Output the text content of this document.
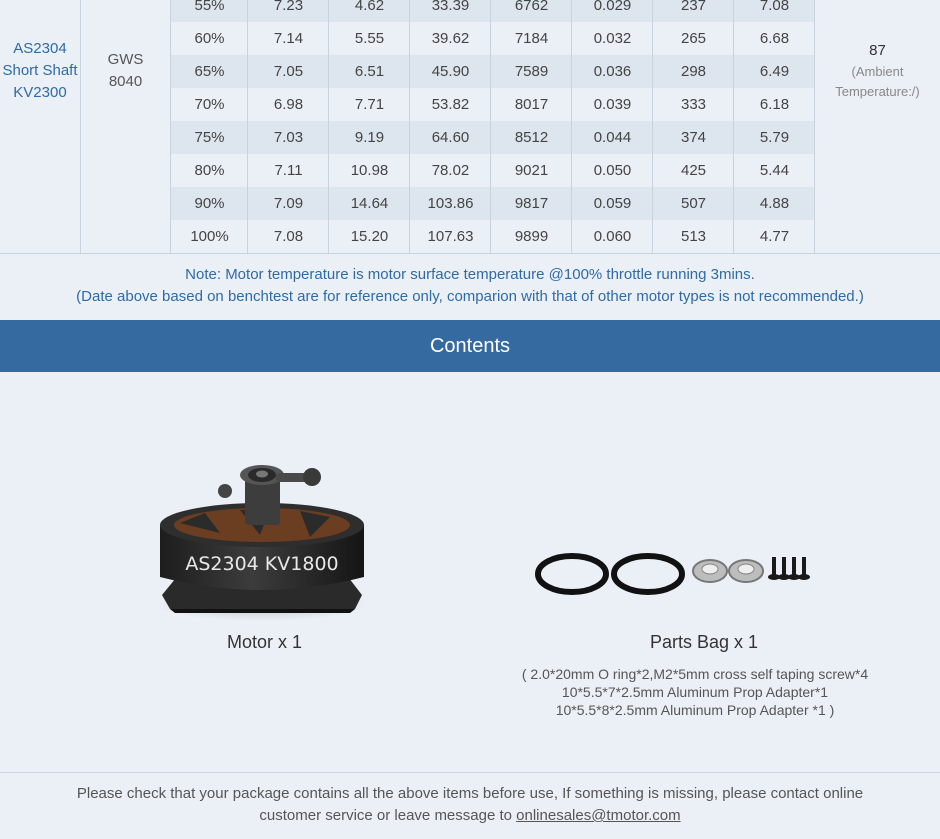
55%	7.23	4.62	33.39	6762	0.029	237	7.08
60%	7.14	5.55	39.62	7184	0.032	265	6.68
65%	7.05	6.51	45.90	7589	0.036	298	6.49
70%	6.98	7.71	53.82	8017	0.039	333	6.18
75%	7.03	9.19	64.60	8512	0.044	374	5.79
80%	7.11	10.98	78.02	9021	0.050	425	5.44
90%	7.09	14.64	103.86	9817	0.059	507	4.88
100%	7.08	15.20	107.63	9899	0.060	513	4.77
AS2304
Short Shaft
KV2300
GWS
8040
87
(Ambient
Temperature:/)
Note: Motor temperature is motor surface temperature @100% throttle running 3mins.
(Date above based on benchtest are for reference only, comparion with that of other motor types is not recommended.)
Contents
AS2304 KV1800
Motor x 1	Parts Bag x 1
( 2.0*20mm O ring*2,M2*5mm cross self taping screw*4
10*5.5*7*2.5mm Aluminum Prop Adapter*1
10*5.5*8*2.5mm Aluminum Prop Adapter *1 )
Please check that your package contains all the above items before use, If something is missing, please contact online
customer service or leave message to onlinesales@tmotor.com
